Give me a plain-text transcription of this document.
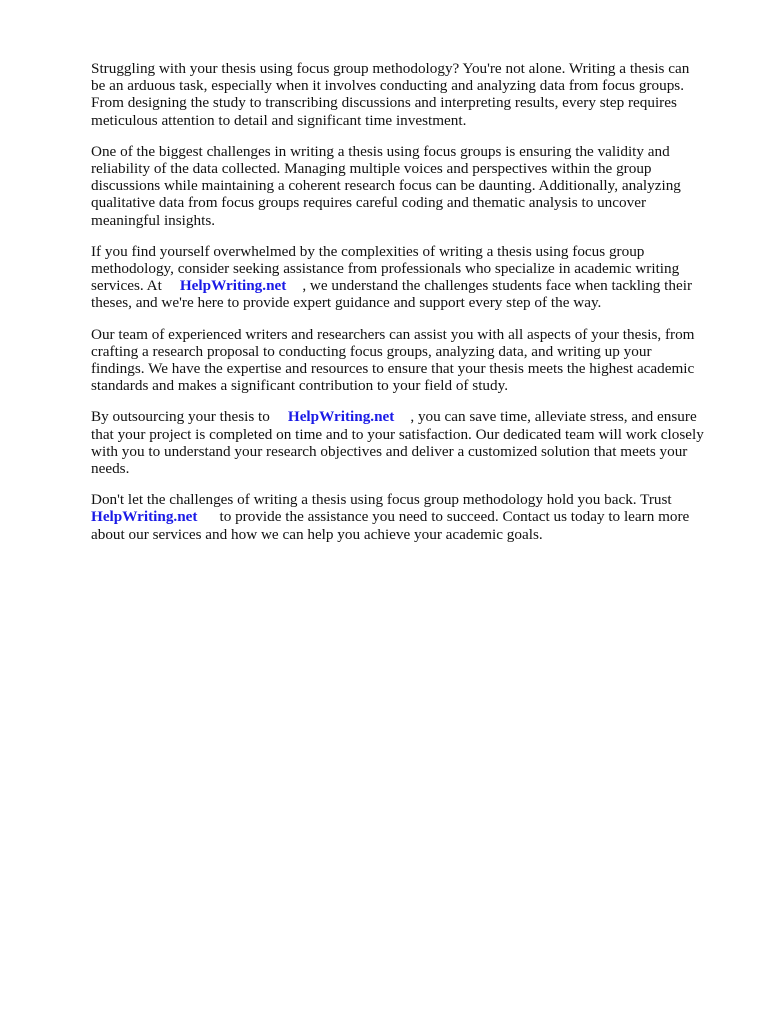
Struggling with your thesis using focus group methodology? You're not alone. Writing a thesis can
be an arduous task, especially when it involves conducting and analyzing data from focus groups.
From designing the study to transcribing discussions and interpreting results, every step requires
meticulous attention to detail and significant time investment.

One of the biggest challenges in writing a thesis using focus groups is ensuring the validity and
reliability of the data collected. Managing multiple voices and perspectives within the group
discussions while maintaining a coherent research focus can be daunting. Additionally, analyzing
qualitative data from focus groups requires careful coding and thematic analysis to uncover
meaningful insights.

If you find yourself overwhelmed by the complexities of writing a thesis using focus group
methodology, consider seeking assistance from professionals who specialize in academic writing
services. At HelpWriting.net , we understand the challenges students face when tackling their
theses, and we're here to provide expert guidance and support every step of the way.

Our team of experienced writers and researchers can assist you with all aspects of your thesis, from
crafting a research proposal to conducting focus groups, analyzing data, and writing up your
findings. We have the expertise and resources to ensure that your thesis meets the highest academic
standards and makes a significant contribution to your field of study.

By outsourcing your thesis to HelpWriting.net , you can save time, alleviate stress, and ensure
that your project is completed on time and to your satisfaction. Our dedicated team will work closely
with you to understand your research objectives and deliver a customized solution that meets your
needs.

Don't let the challenges of writing a thesis using focus group methodology hold you back. Trust
HelpWriting.net to provide the assistance you need to succeed. Contact us today to learn more
about our services and how we can help you achieve your academic goals.
